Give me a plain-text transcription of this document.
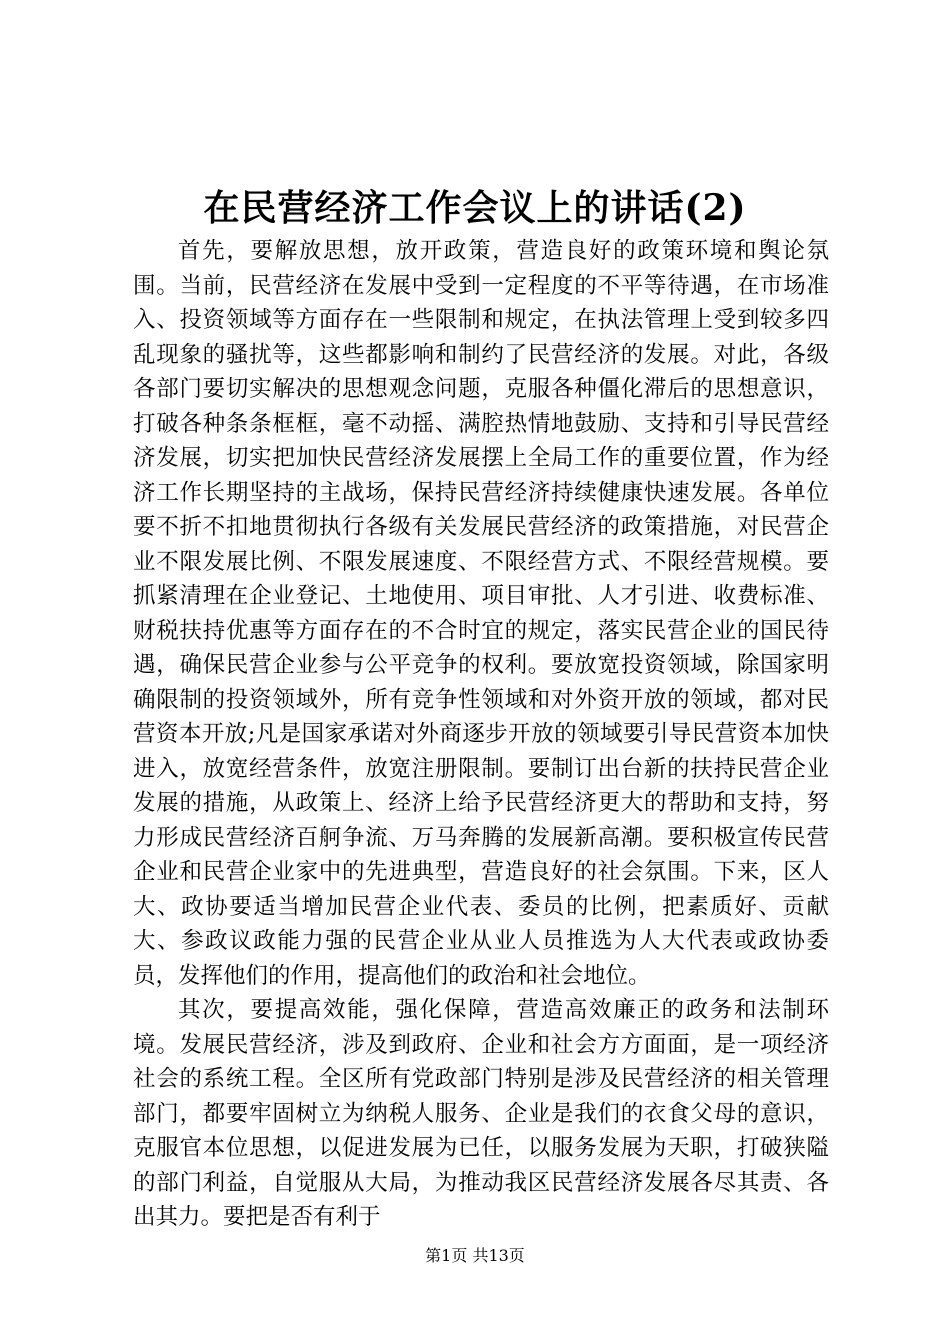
在民营经济工作会议上的讲话(2)

首先，要解放思想，放开政策，营造良好的政策环境和舆论氛围。当前，民营经济在发展中受到一定程度的不平等待遇，在市场准入、投资领域等方面存在一些限制和规定，在执法管理上受到较多四乱现象的骚扰等，这些都影响和制约了民营经济的发展。对此，各级各部门要切实解决的思想观念问题，克服各种僵化滞后的思想意识，打破各种条条框框，毫不动摇、满腔热情地鼓励、支持和引导民营经济发展，切实把加快民营经济发展摆上全局工作的重要位置，作为经济工作长期坚持的主战场，保持民营经济持续健康快速发展。各单位要不折不扣地贯彻执行各级有关发展民营经济的政策措施，对民营企业不限发展比例、不限发展速度、不限经营方式、不限经营规模。要抓紧清理在企业登记、土地使用、项目审批、人才引进、收费标准、财税扶持优惠等方面存在的不合时宜的规定，落实民营企业的国民待遇，确保民营企业参与公平竞争的权利。要放宽投资领域，除国家明确限制的投资领域外，所有竞争性领域和对外资开放的领域，都对民营资本开放;凡是国家承诺对外商逐步开放的领域要引导民营资本加快进入，放宽经营条件，放宽注册限制。要制订出台新的扶持民营企业发展的措施，从政策上、经济上给予民营经济更大的帮助和支持，努力形成民营经济百舸争流、万马奔腾的发展新高潮。要积极宣传民营企业和民营企业家中的先进典型，营造良好的社会氛围。下来，区人大、政协要适当增加民营企业代表、委员的比例，把素质好、贡献大、参政议政能力强的民营企业从业人员推选为人大代表或政协委员，发挥他们的作用，提高他们的政治和社会地位。

其次，要提高效能，强化保障，营造高效廉正的政务和法制环境。发展民营经济，涉及到政府、企业和社会方方面面，是一项经济社会的系统工程。全区所有党政部门特别是涉及民营经济的相关管理部门，都要牢固树立为纳税人服务、企业是我们的衣食父母的意识，克服官本位思想，以促进发展为已任，以服务发展为天职，打破狭隘的部门利益，自觉服从大局，为推动我区民营经济发展各尽其责、各出其力。要把是否有利于

第1页 共13页
